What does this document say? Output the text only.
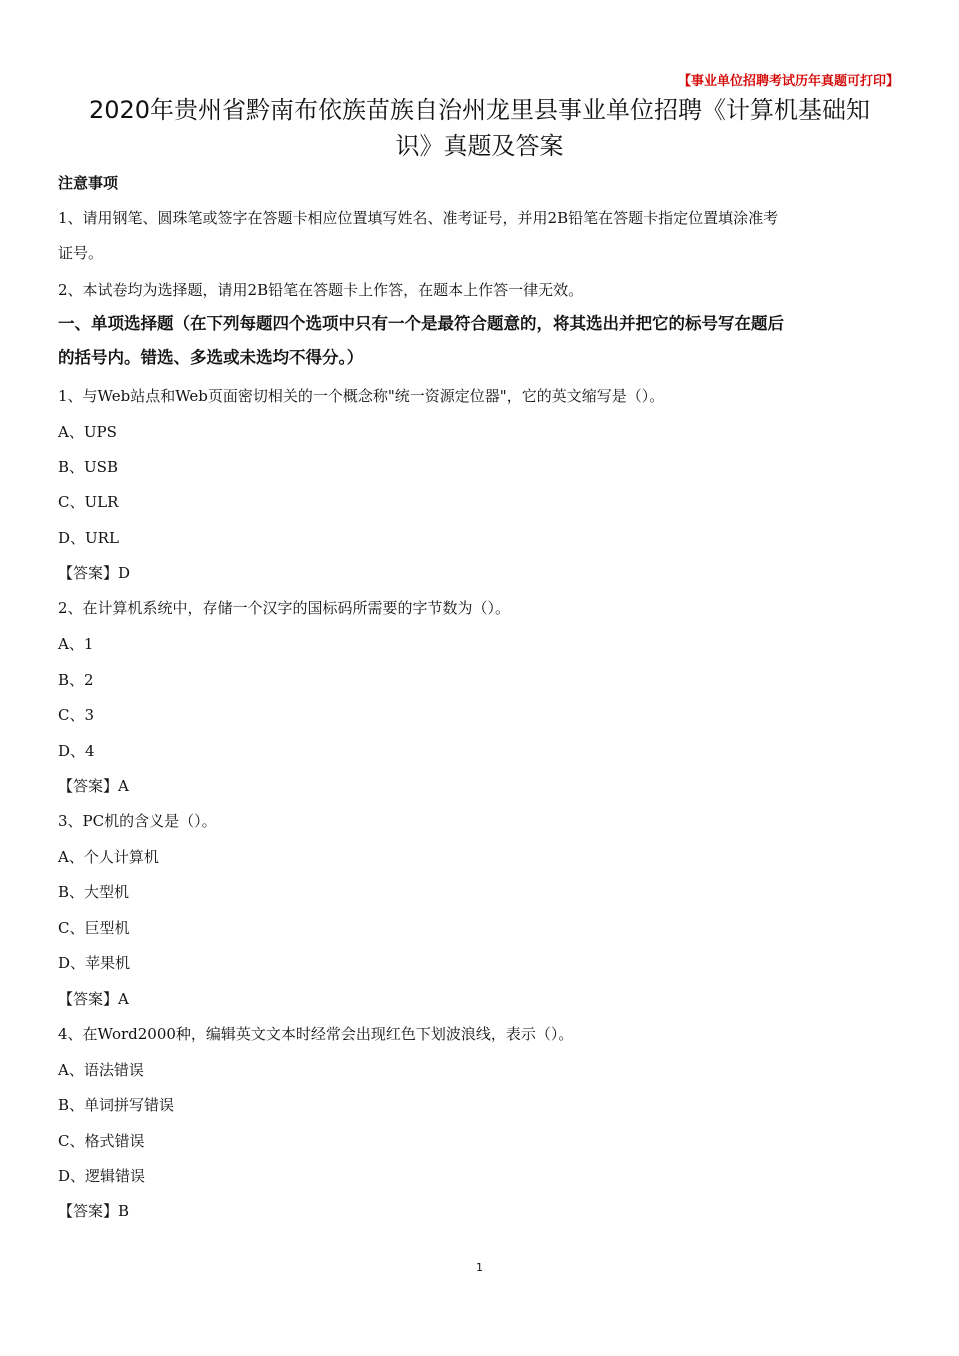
【事业单位招聘考试历年真题可打印】
2020年贵州省黔南布依族苗族自治州龙里县事业单位招聘《计算机基础知
识》真题及答案
注意事项
1、请用钢笔、圆珠笔或签字在答题卡相应位置填写姓名、准考证号，并用2B铅笔在答题卡指定位置填涂准考
证号。
2、本试卷均为选择题，请用2B铅笔在答题卡上作答，在题本上作答一律无效。
一、单项选择题（在下列每题四个选项中只有一个是最符合题意的，将其选出并把它的标号写在题后
的括号内。错选、多选或未选均不得分。）
1、与Web站点和Web页面密切相关的一个概念称"统一资源定位器"，它的英文缩写是（）。
A、UPS
B、USB
C、ULR
D、URL
【答案】D
2、在计算机系统中，存储一个汉字的国标码所需要的字节数为（）。
A、1
B、2
C、3
D、4
【答案】A
3、PC机的含义是（）。
A、个人计算机
B、大型机
C、巨型机
D、苹果机
【答案】A
4、在Word2000种，编辑英文文本时经常会出现红色下划波浪线，表示（）。
A、语法错误
B、单词拼写错误
C、格式错误
D、逻辑错误
【答案】B
1
